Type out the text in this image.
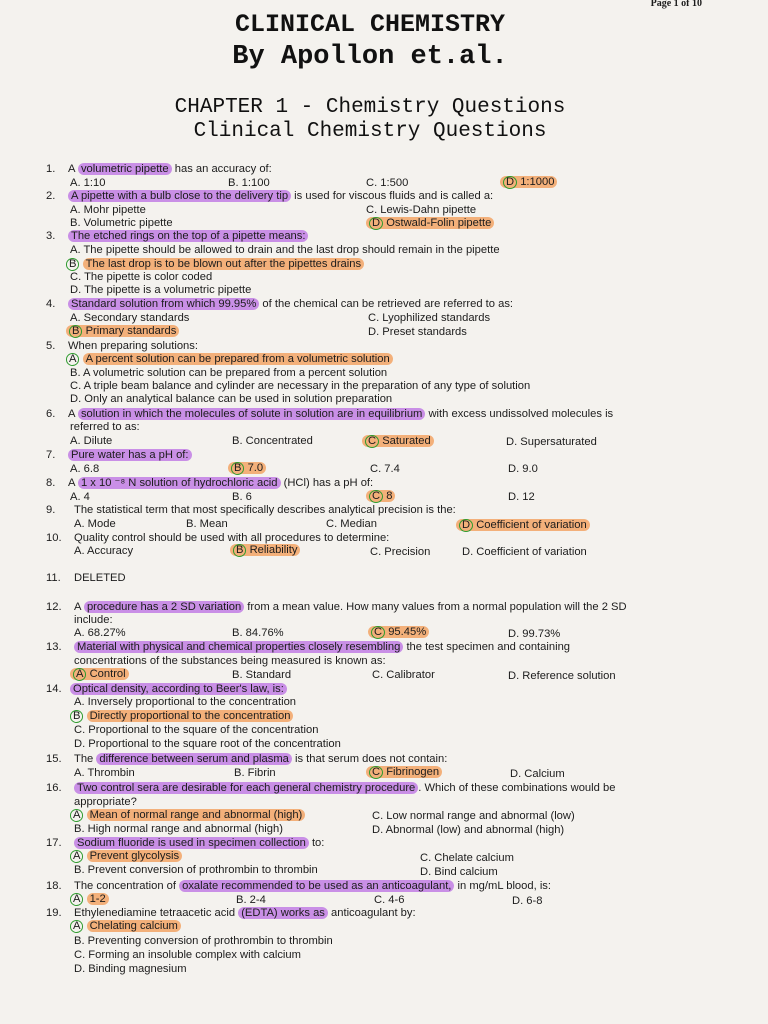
Page 1 of 10
CLINICAL CHEMISTRY
By Apollon et.al.
CHAPTER 1 - Chemistry Questions
Clinical Chemistry Questions
1. A volumetric pipette has an accuracy of:
A. 1:10	B. 1:100	C. 1:500	D 1:1000
2. A pipette with a bulb close to the delivery tip is used for viscous fluids and is called a:
A. Mohr pipette	C. Lewis-Dahn pipette
B. Volumetric pipette	D Ostwald-Folin pipette
3. The etched rings on the top of a pipette means:
A. The pipette should be allowed to drain and the last drop should remain in the pipette
B The last drop is to be blown out after the pipettes drains
C. The pipette is color coded
D. The pipette is a volumetric pipette
4. Standard solution from which 99.95% of the chemical can be retrieved are referred to as:
A. Secondary standards	C. Lyophilized standards
B Primary standards	D. Preset standards
5. When preparing solutions:
A A percent solution can be prepared from a volumetric solution
B. A volumetric solution can be prepared from a percent solution
C. A triple beam balance and cylinder are necessary in the preparation of any type of solution
D. Only an analytical balance can be used in solution preparation
6. A solution in which the molecules of solute in solution are in equilibrium with excess undissolved molecules is
referred to as:
A. Dilute	B. Concentrated	C Saturated	D. Supersaturated
7. Pure water has a pH of:
A. 6.8	B 7.0	C. 7.4	D. 9.0
8. A 1 x 10 ⁻⁸ N solution of hydrochloric acid (HCl) has a pH of:
A. 4	B. 6	C 8	D. 12
9. The statistical term that most specifically describes analytical precision is the:
A. Mode	B. Mean	C. Median	D Coefficient of variation
10. Quality control should be used with all procedures to determine:
A. Accuracy	B Reliability	C. Precision	D. Coefficient of variation
11. DELETED
12. A procedure has a 2 SD variation from a mean value. How many values from a normal population will the 2 SD
include:
A. 68.27%	B. 84.76%	C 95.45%	D. 99.73%
13. Material with physical and chemical properties closely resembling the test specimen and containing
concentrations of the substances being measured is known as:
A Control	B. Standard	C. Calibrator	D. Reference solution
14. Optical density, according to Beer's law, is:
A. Inversely proportional to the concentration
B Directly proportional to the concentration
C. Proportional to the square of the concentration
D. Proportional to the square root of the concentration
15. The difference between serum and plasma is that serum does not contain:
A. Thrombin	B. Fibrin	C Fibrinogen	D. Calcium
16. Two control sera are desirable for each general chemistry procedure . Which of these combinations would be
appropriate?
A Mean of normal range and abnormal (high)	C. Low normal range and abnormal (low)
B. High normal range and abnormal (high)	D. Abnormal (low) and abnormal (high)
17. Sodium fluoride is used in specimen collection to:
A Prevent glycolysis	C. Chelate calcium
B. Prevent conversion of prothrombin to thrombin	D. Bind calcium
18. The concentration of oxalate recommended to be used as an anticoagulant, in mg/mL blood, is:
A 1-2	B. 2-4	C. 4-6	D. 6-8
19. Ethylenediamine tetraacetic acid (EDTA) works as anticoagulant by:
A Chelating calcium
B. Preventing conversion of prothrombin to thrombin
C. Forming an insoluble complex with calcium
D. Binding magnesium
